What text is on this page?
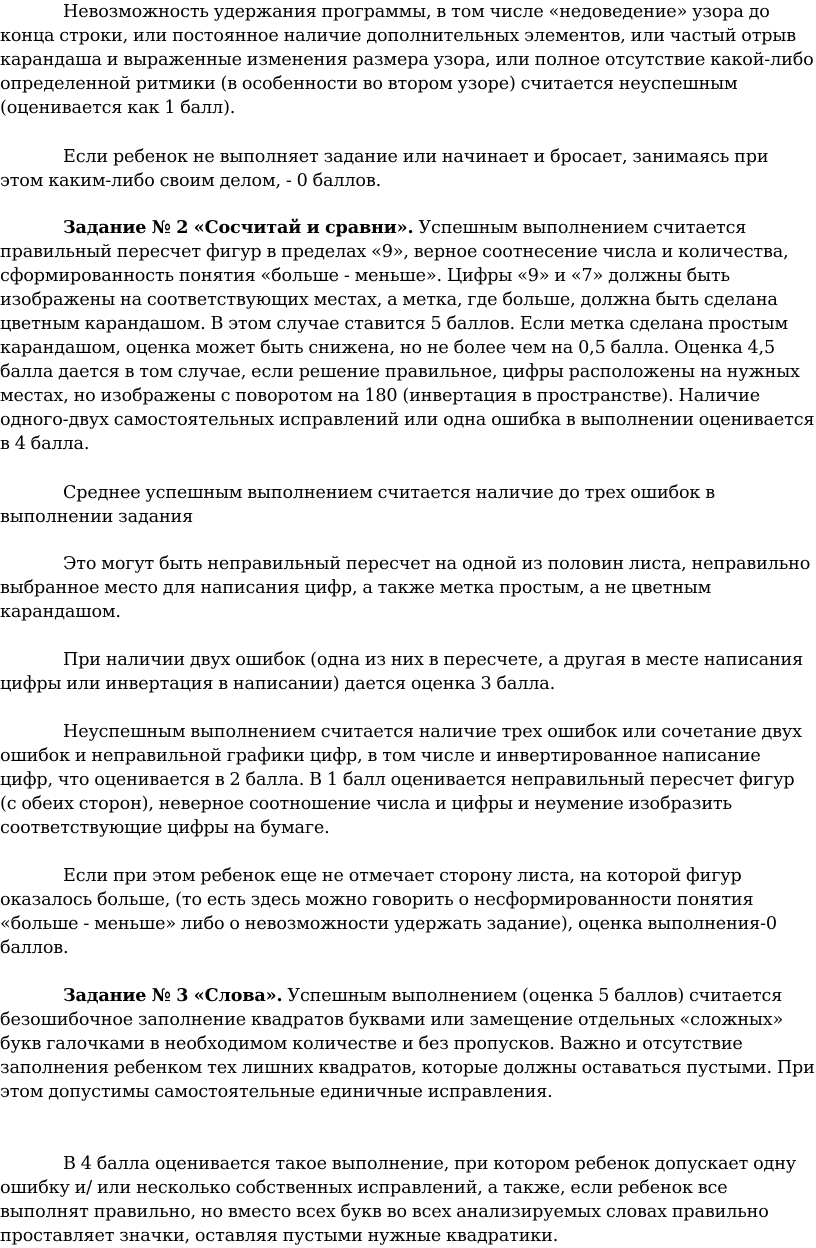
Невозможность удержания программы, в том числе «недоведение» узора до конца строки, или постоянное наличие дополнительных элементов, или частый отрыв карандаша и выраженные изменения размера узора, или полное отсутствие какой-либо определенной ритмики (в особенности во втором узоре) считается неуспешным (оценивается как 1 балл).

Если ребенок не выполняет задание или начинает и бросает, занимаясь при этом каким-либо своим делом, - 0 баллов.

Задание № 2 «Сосчитай и сравни». Успешным выполнением считается правильный пересчет фигур в пределах «9», верное соотнесение числа и количества, сформированность понятия «больше - меньше». Цифры «9» и «7» должны быть изображены на соответствующих местах, а метка, где больше, должна быть сделана цветным карандашом. В этом случае ставится 5 баллов. Если метка сделана простым карандашом, оценка может быть снижена, но не более чем на 0,5 балла. Оценка 4,5 балла дается в том случае, если решение правильное, цифры расположены на нужных местах, но изображены с поворотом на 180 (инвертация в пространстве). Наличие одного-двух самостоятельных исправлений или одна ошибка в выполнении оценивается в 4 балла.

Среднее успешным выполнением считается наличие до трех ошибок в выполнении задания

Это могут быть неправильный пересчет на одной из половин листа, неправильно выбранное место для написания цифр, а также метка простым, а не цветным карандашом.

При наличии двух ошибок (одна из них в пересчете, а другая в месте написания цифры или инвертация в написании) дается оценка 3 балла.

Неуспешным выполнением считается наличие трех ошибок или сочетание двух ошибок и неправильной графики цифр, в том числе и инвертированное написание цифр, что оценивается в 2 балла. В 1 балл оценивается неправильный пересчет фигур (с обеих сторон), неверное соотношение числа и цифры и неумение изобразить соответствующие цифры на бумаге.

Если при этом ребенок еще не отмечает сторону листа, на которой фигур оказалось больше, (то есть здесь можно говорить о несформированности понятия «больше - меньше» либо о невозможности удержать задание), оценка выполнения-0 баллов.

Задание № 3 «Слова». Успешным выполнением (оценка 5 баллов) считается безошибочное заполнение квадратов буквами или замещение отдельных «сложных» букв галочками в необходимом количестве и без пропусков. Важно и отсутствие заполнения ребенком тех лишних квадратов, которые должны оставаться пустыми. При этом допустимы самостоятельные единичные исправления.

В 4 балла оценивается такое выполнение, при котором ребенок допускает одну ошибку и/ или несколько собственных исправлений, а также, если ребенок все выполнят правильно, но вместо всех букв во всех анализируемых словах правильно проставляет значки, оставляя пустыми нужные квадратики.
